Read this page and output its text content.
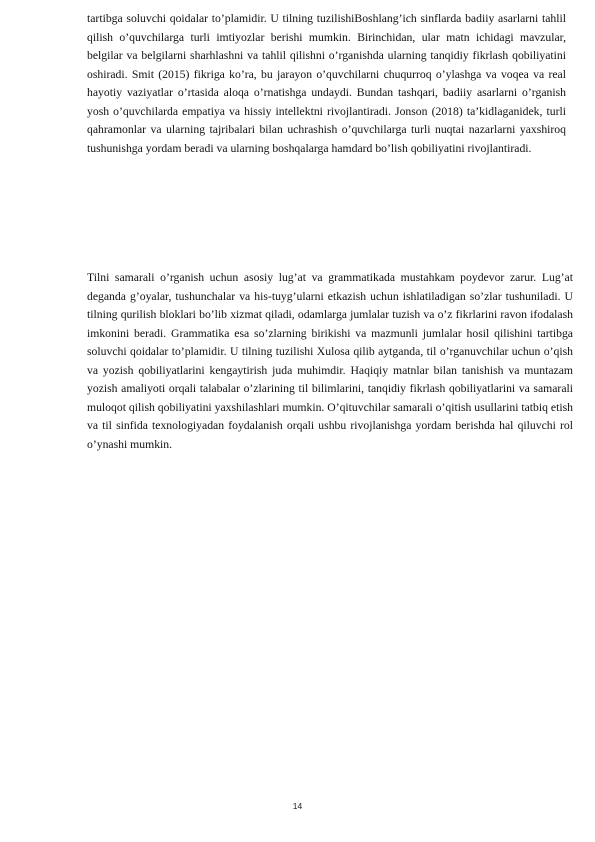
tartibga soluvchi qoidalar to’plamidir. U tilning tuzilishiBoshlang’ich sinflarda badiiy asarlarni tahlil qilish o’quvchilarga turli imtiyozlar berishi mumkin. Birinchidan, ular matn ichidagi mavzular, belgilar va belgilarni sharhlashni va tahlil qilishni o’rganishda ularning tanqidiy fikrlash qobiliyatini oshiradi. Smit (2015) fikriga ko’ra, bu jarayon o’quvchilarni chuqurroq o’ylashga va voqea va real hayotiy vaziyatlar o’rtasida aloqa o’rnatishga undaydi. Bundan tashqari, badiiy asarlarni o’rganish yosh o’quvchilarda empatiya va hissiy intellektni rivojlantiradi. Jonson (2018) ta’kidlaganidek, turli qahramonlar va ularning tajribalari bilan uchrashish o’quvchilarga turli nuqtai nazarlarni yaxshiroq tushunishga yordam beradi va ularning boshqalarga hamdard bo’lish qobiliyatini rivojlantiradi.

Tilni samarali o’rganish uchun asosiy lug’at va grammatikada mustahkam poydevor zarur. Lug’at deganda g’oyalar, tushunchalar va his-tuyg’ularni etkazish uchun ishlatiladigan so’zlar tushuniladi. U tilning qurilish bloklari bo’lib xizmat qiladi, odamlarga jumlalar tuzish va o’z fikrlarini ravon ifodalash imkonini beradi. Grammatika esa so’zlarning birikishi va mazmunli jumlalar hosil qilishini tartibga soluvchi qoidalar to’plamidir. U tilning tuzilishi Xulosa qilib aytganda, til o’rganuvchilar uchun o’qish va yozish qobiliyatlarini kengaytirish juda muhimdir. Haqiqiy matnlar bilan tanishish va muntazam yozish amaliyoti orqali talabalar o’zlarining til bilimlarini, tanqidiy fikrlash qobiliyatlarini va samarali muloqot qilish qobiliyatini yaxshilashlari mumkin. O’qituvchilar samarali o’qitish usullarini tatbiq etish va til sinfida texnologiyadan foydalanish orqali ushbu rivojlanishga yordam berishda hal qiluvchi rol o’ynashi mumkin.

14
